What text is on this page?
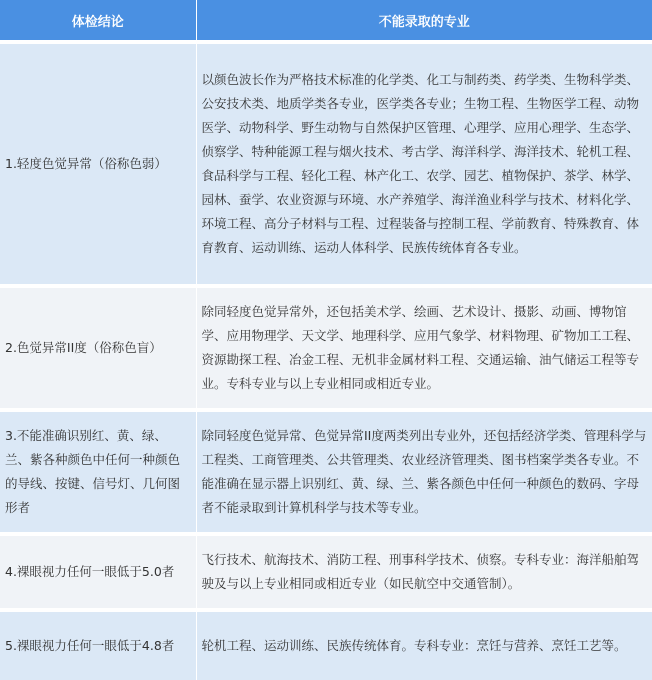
体检结论	不能录取的专业
1.轻度色觉异常（俗称色弱）	以颜色波长作为严格技术标准的化学类、化工与制药类、药学类、生物科学类、公安技术类、地质学类各专业，医学类各专业；生物工程、生物医学工程、动物医学、动物科学、野生动物与自然保护区管理、心理学、应用心理学、生态学、侦察学、特种能源工程与烟火技术、考古学、海洋科学、海洋技术、轮机工程、食品科学与工程、轻化工程、林产化工、农学、园艺、植物保护、茶学、林学、园林、蚕学、农业资源与环境、水产养殖学、海洋渔业科学与技术、材料化学、环境工程、高分子材料与工程、过程装备与控制工程、学前教育、特殊教育、体育教育、运动训练、运动人体科学、民族传统体育各专业。
2.色觉异常II度（俗称色盲）	除同轻度色觉异常外，还包括美术学、绘画、艺术设计、摄影、动画、博物馆学、应用物理学、天文学、地理科学、应用气象学、材料物理、矿物加工工程、资源勘探工程、冶金工程、无机非金属材料工程、交通运输、油气储运工程等专业。专科专业与以上专业相同或相近专业。
3.不能准确识别红、黄、绿、兰、紫各种颜色中任何一种颜色的导线、按键、信号灯、几何图形者	除同轻度色觉异常、色觉异常II度两类列出专业外，还包括经济学类、管理科学与工程类、工商管理类、公共管理类、农业经济管理类、图书档案学类各专业。不能准确在显示器上识别红、黄、绿、兰、紫各颜色中任何一种颜色的数码、字母者不能录取到计算机科学与技术等专业。
4.裸眼视力任何一眼低于5.0者	飞行技术、航海技术、消防工程、刑事科学技术、侦察。专科专业：海洋船舶驾驶及与以上专业相同或相近专业（如民航空中交通管制）。
5.裸眼视力任何一眼低于4.8者	轮机工程、运动训练、民族传统体育。专科专业：烹饪与营养、烹饪工艺等。
